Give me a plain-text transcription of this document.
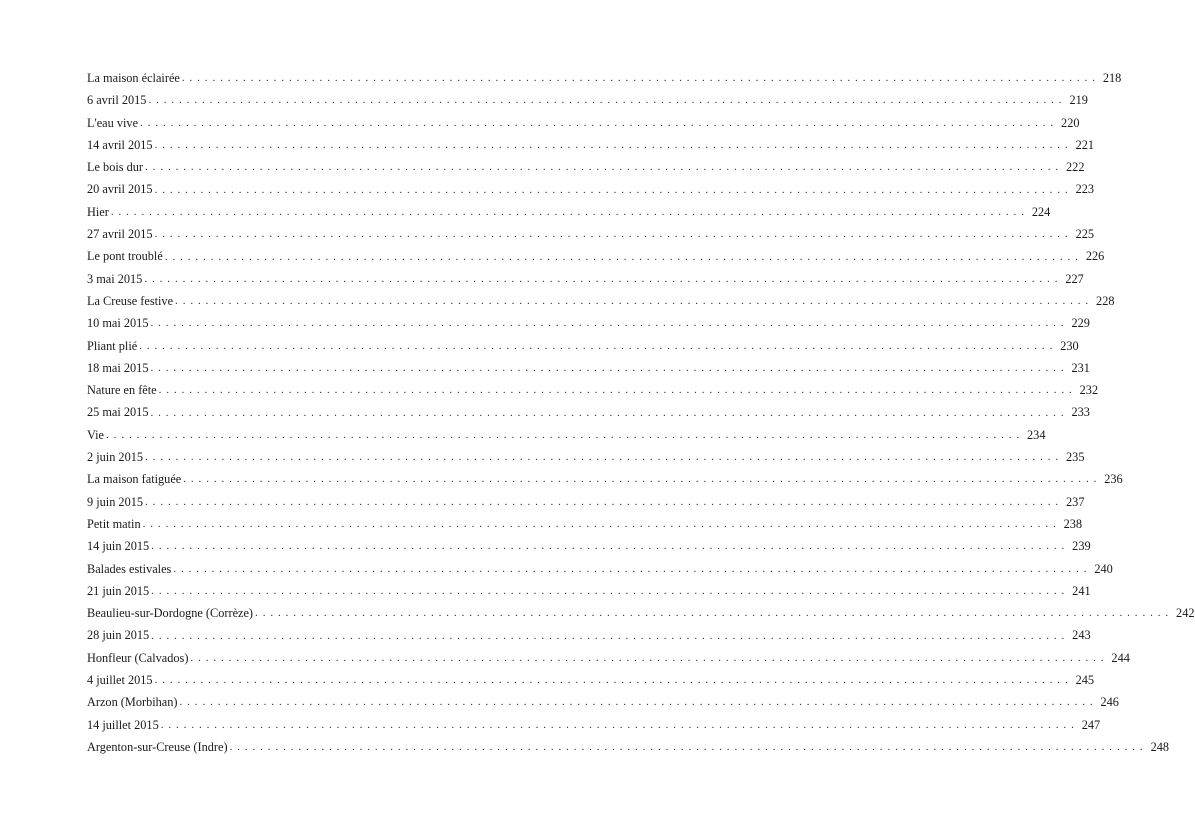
La maison éclairée ........................................................................................................................ 218
6 avril 2015 ........................................................................................................................ 219
L'eau vive ........................................................................................................................ 220
14 avril 2015 ........................................................................................................................ 221
Le bois dur ........................................................................................................................ 222
20 avril 2015 ........................................................................................................................ 223
Hier ........................................................................................................................ 224
27 avril 2015 ........................................................................................................................ 225
Le pont troublé ........................................................................................................................ 226
3 mai 2015 ........................................................................................................................ 227
La Creuse festive ........................................................................................................................ 228
10 mai 2015 ........................................................................................................................ 229
Pliant plié ........................................................................................................................ 230
18 mai 2015 ........................................................................................................................ 231
Nature en fête ........................................................................................................................ 232
25 mai 2015 ........................................................................................................................ 233
Vie ........................................................................................................................ 234
2 juin 2015 ........................................................................................................................ 235
La maison fatiguée ........................................................................................................................ 236
9 juin 2015 ........................................................................................................................ 237
Petit matin ........................................................................................................................ 238
14 juin 2015 ........................................................................................................................ 239
Balades estivales ........................................................................................................................ 240
21 juin 2015 ........................................................................................................................ 241
Beaulieu-sur-Dordogne (Corrèze) ........................................................................................................................ 242
28 juin 2015 ........................................................................................................................ 243
Honfleur (Calvados) ........................................................................................................................ 244
4 juillet 2015 ........................................................................................................................ 245
Arzon (Morbihan) ........................................................................................................................ 246
14 juillet 2015 ........................................................................................................................ 247
Argenton-sur-Creuse (Indre) ........................................................................................................................ 248
